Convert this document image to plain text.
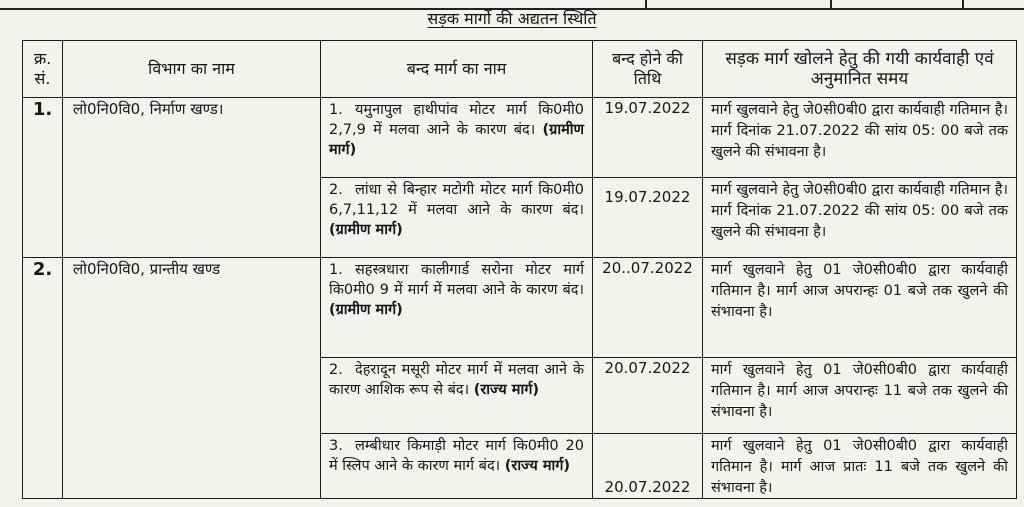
सड़क मार्गो की अद्यतन स्थिति
क्र. सं.	विभाग का नाम	बन्द मार्ग का नाम	बन्द होने की तिथि	सड़क मार्ग खोलने हेतु की गयी कार्यवाही एवं अनुमानित समय
1.	लो0नि0वि0, निर्माण खण्ड।	1. यमुनापुल हाथीपांव मोटर मार्ग कि0मी0 2,7,9 में मलवा आने के कारण बंद। (ग्रामीण मार्ग)	19.07.2022	मार्ग खुलवाने हेतु जे0सी0बी0 द्वारा कार्यवाही गतिमान है। मार्ग दिनांक 21.07.2022 की सांय 05: 00 बजे तक खुलने की संभावना है।
		2. लांधा से बिन्हार मटोगी मोटर मार्ग कि0मी0 6,7,11,12 में मलवा आने के कारण बंद। (ग्रामीण मार्ग)	19.07.2022	मार्ग खुलवाने हेतु जे0सी0बी0 द्वारा कार्यवाही गतिमान है। मार्ग दिनांक 21.07.2022 की सांय 05: 00 बजे तक खुलने की संभावना है।
2.	लो0नि0वि0, प्रान्तीय खण्ड	1. सहस्त्रधारा कालीगार्ड सरोना मोटर मार्ग कि0मी0 9 में मार्ग में मलवा आने के कारण बंद। (ग्रामीण मार्ग)	20..07.2022	मार्ग खुलवाने हेतु 01 जे0सी0बी0 द्वारा कार्यवाही गतिमान है। मार्ग आज अपरान्हः 01 बजे तक खुलने की संभावना है।
		2. देहरादून मसूरी मोटर मार्ग में मलवा आने के कारण आशिक रूप से बंद। (राज्य मार्ग)	20.07.2022	मार्ग खुलवाने हेतु 01 जे0सी0बी0 द्वारा कार्यवाही गतिमान है। मार्ग आज अपरान्हः 11 बजे तक खुलने की संभावना है।

		3. लम्बीधार किमाड़ी मोटर मार्ग कि0मी0 20 में स्लिप आने के कारण मार्ग बंद। (राज्य मार्ग)	20.07.2022	मार्ग खुलवाने हेतु 01 जे0सी0बी0 द्वारा कार्यवाही गतिमान है। मार्ग आज प्रातः 11 बजे तक खुलने की संभावना है।
